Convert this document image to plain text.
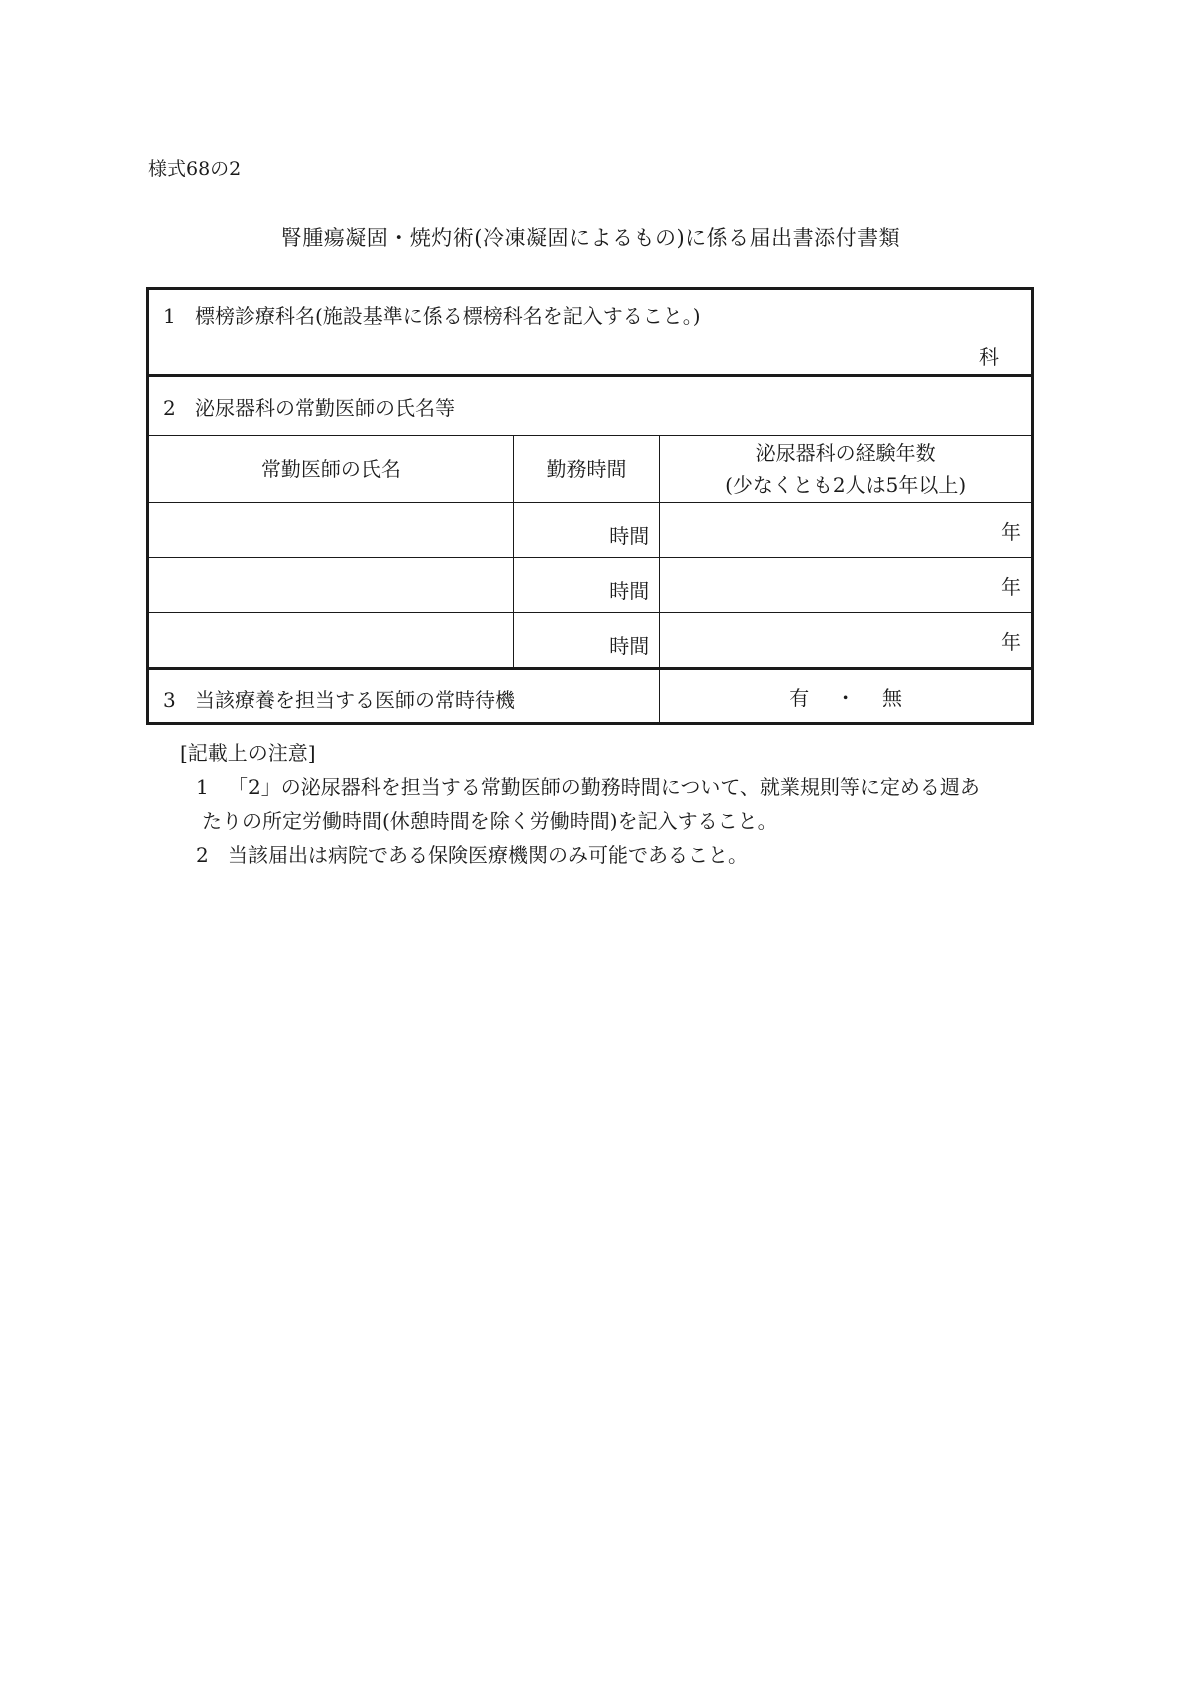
様式68の2
腎腫瘍凝固・焼灼術(冷凍凝固によるもの)に係る届出書添付書類
1 標榜診療科名(施設基準に係る標榜科名を記入すること。)
科		

2 泌尿器科の常勤医師の氏名等		
常勤医師の氏名	勤務時間	泌尿器科の経験年数
(少なくとも2人は5年以上)

	時間	年
	時間	年
	時間	年
3 当該療養を担当する医師の常時待機		有 ・ 無
[記載上の注意]
1 「2」の泌尿器科を担当する常勤医師の勤務時間について、就業規則等に定める週あ
たりの所定労働時間(休憩時間を除く労働時間)を記入すること。
2 当該届出は病院である保険医療機関のみ可能であること。
